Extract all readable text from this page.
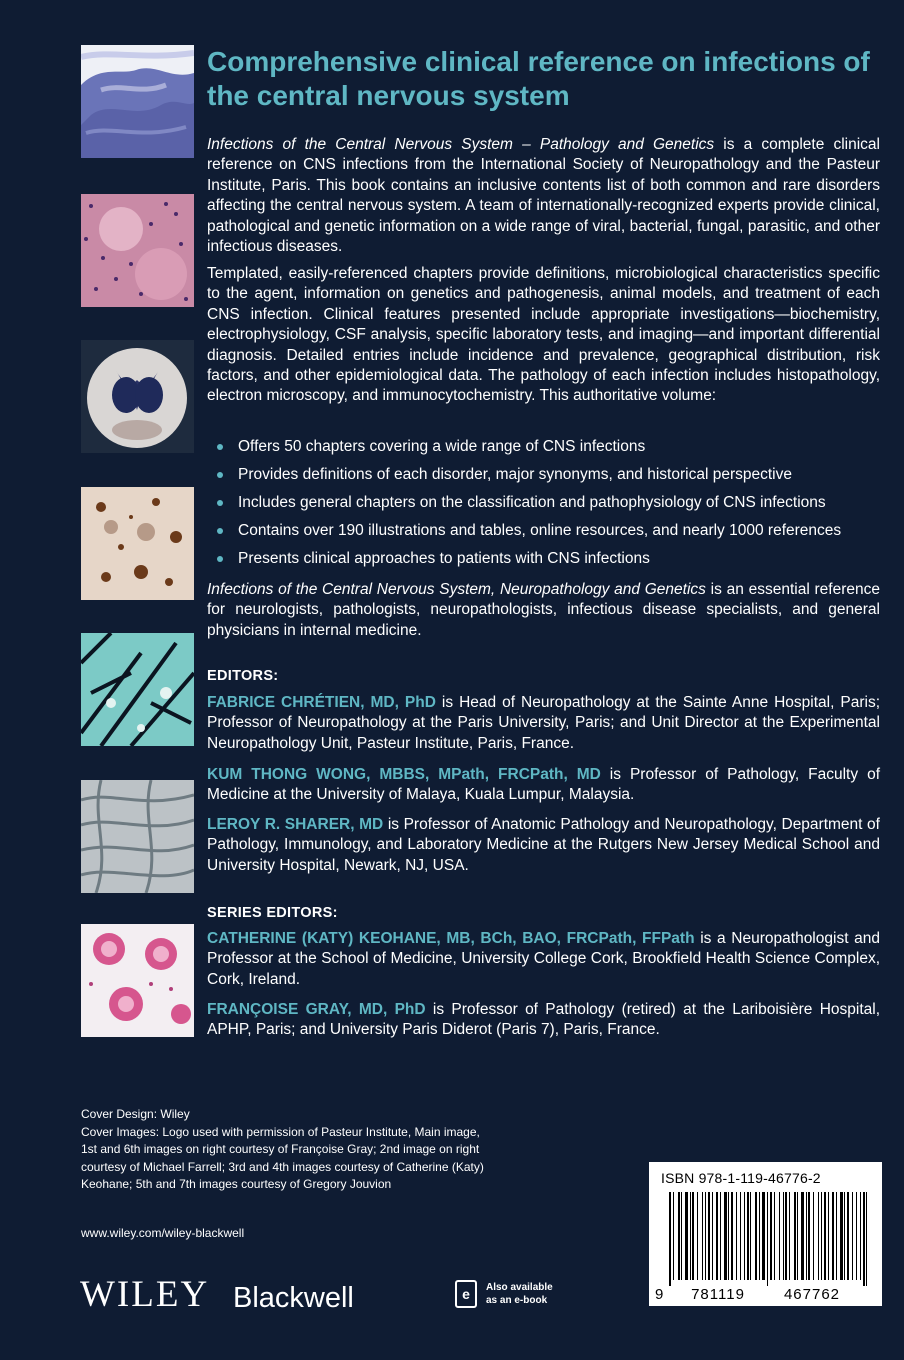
Comprehensive clinical reference on infections of the central nervous system

Infections of the Central Nervous System – Pathology and Genetics is a complete clinical reference on CNS infections from the International Society of Neuropathology and the Pasteur Institute, Paris. This book contains an inclusive contents list of both common and rare disorders affecting the central nervous system. A team of internationally-recognized experts provide clinical, pathological and genetic information on a wide range of viral, bacterial, fungal, parasitic, and other infectious diseases.

Templated, easily-referenced chapters provide definitions, microbiological characteristics specific to the agent, information on genetics and pathogenesis, animal models, and treatment of each CNS infection. Clinical features presented include appropriate investigations—biochemistry, electrophysiology, CSF analysis, specific laboratory tests, and imaging—and important differential diagnosis. Detailed entries include incidence and prevalence, geographical distribution, risk factors, and other epidemiological data. The pathology of each infection includes histopathology, electron microscopy, and immunocytochemistry. This authoritative volume:

Offers 50 chapters covering a wide range of CNS infections
Provides definitions of each disorder, major synonyms, and historical perspective
Includes general chapters on the classification and pathophysiology of CNS infections
Contains over 190 illustrations and tables, online resources, and nearly 1000 references
Presents clinical approaches to patients with CNS infections

Infections of the Central Nervous System, Neuropathology and Genetics is an essential reference for neurologists, pathologists, neuropathologists, infectious disease specialists, and general physicians in internal medicine.

EDITORS:

FABRICE CHRÉTIEN, MD, PhD is Head of Neuropathology at the Sainte Anne Hospital, Paris; Professor of Neuropathology at the Paris University, Paris; and Unit Director at the Experimental Neuropathology Unit, Pasteur Institute, Paris, France.

KUM THONG WONG, MBBS, MPath, FRCPath, MD is Professor of Pathology, Faculty of Medicine at the University of Malaya, Kuala Lumpur, Malaysia.

LEROY R. SHARER, MD is Professor of Anatomic Pathology and Neuropathology, Department of Pathology, Immunology, and Laboratory Medicine at the Rutgers New Jersey Medical School and University Hospital, Newark, NJ, USA.

SERIES EDITORS:

CATHERINE (KATY) KEOHANE, MB, BCh, BAO, FRCPath, FFPath is a Neuropathologist and Professor at the School of Medicine, University College Cork, Brookfield Health Science Complex, Cork, Ireland.

FRANÇOISE GRAY, MD, PhD is Professor of Pathology (retired) at the Lariboisière Hospital, APHP, Paris; and University Paris Diderot (Paris 7), Paris, France.

Cover Design: Wiley
Cover Images: Logo used with permission of Pasteur Institute, Main image,
1st and 6th images on right courtesy of Françoise Gray; 2nd image on right
courtesy of Michael Farrell; 3rd and 4th images courtesy of Catherine (Katy)
Keohane; 5th and 7th images courtesy of Gregory Jouvion
www.wiley.com/wiley-blackwell
WILEY Blackwell	e Also available
as an e-book	9 781119	467762
ISBN 978-1-119-46776-2
